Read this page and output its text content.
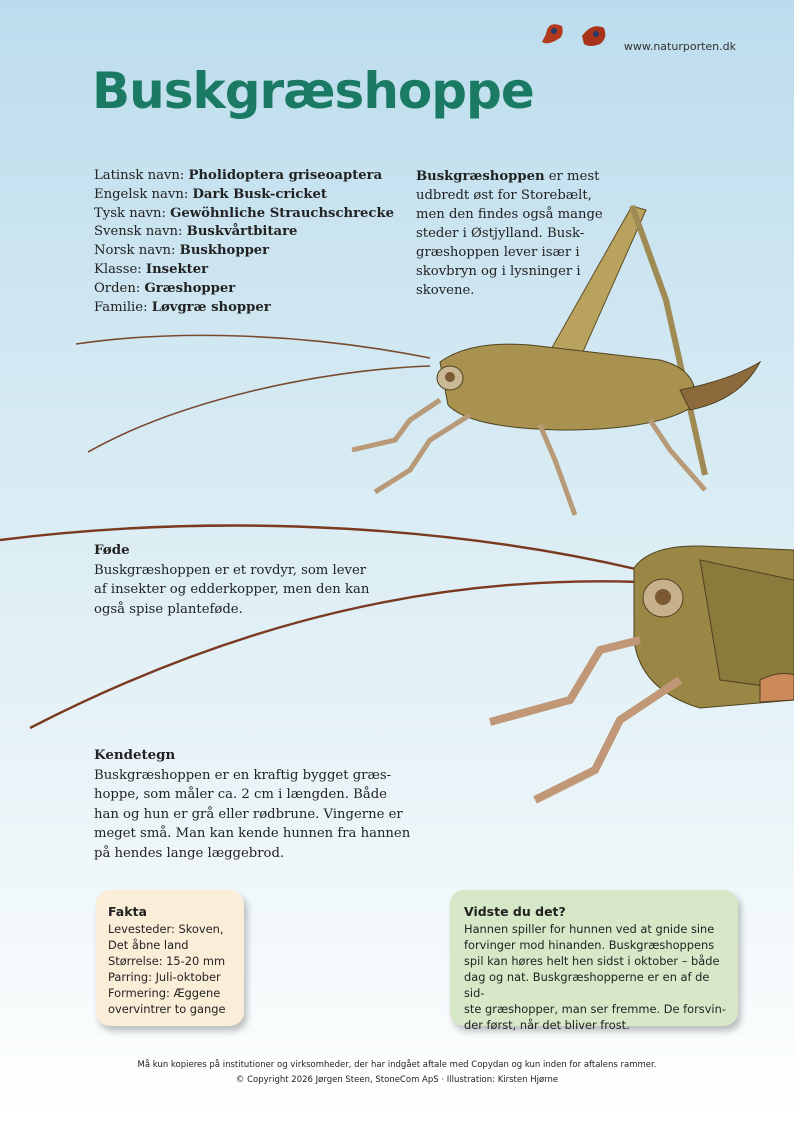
www.naturporten.dk
Buskgræshoppe
Latinsk navn: Pholidoptera griseoaptera
Engelsk navn: Dark Busk-cricket
Tysk navn: Gewöhnliche Strauchschrecke
Svensk navn: Buskvårtbitare
Norsk navn: Buskhopper
Klasse: Insekter
Orden: Græshopper
Familie: Løvgræ shopper
Buskgræshoppen er mest
udbredt øst for Storebælt,
men den findes også mange
steder i Østjylland. Busk-
græshoppen lever især i
skovbryn og i lysninger i
skovene.
Føde
Buskgræshoppen er et rovdyr, som lever
af insekter og edderkopper, men den kan
også spise plantefødе.
Kendetegn
Buskgræshoppen er en kraftig bygget græs-
hoppe, som måler ca. 2 cm i længden. Både
han og hun er grå eller rødbrune. Vingerne er
meget små. Man kan kende hunnen fra hannen
på hendes lange læggebrod.
Fakta
Levesteder: Skoven,
Det åbne land
Størrelse: 15-20 mm
Parring: Juli-oktober
Formering: Æggene
overvintrer to gange
Vidste du det?
Hannen spiller for hunnen ved at gnide sine
forvinger mod hinanden. Buskgræshoppens
spil kan høres helt hen sidst i oktober – både
dag og nat. Buskgræshopperne er en af de sid-
ste græshopper, man ser fremme. De forsvin-
der først, når det bliver frost.
Må kun kopieres på institutioner og virksomheder, der har indgået aftale med Copydan og kun inden for aftalens rammer.
© Copyright 2026 Jørgen Steen, StoneCom ApS · Illustration: Kirsten Hjørne
